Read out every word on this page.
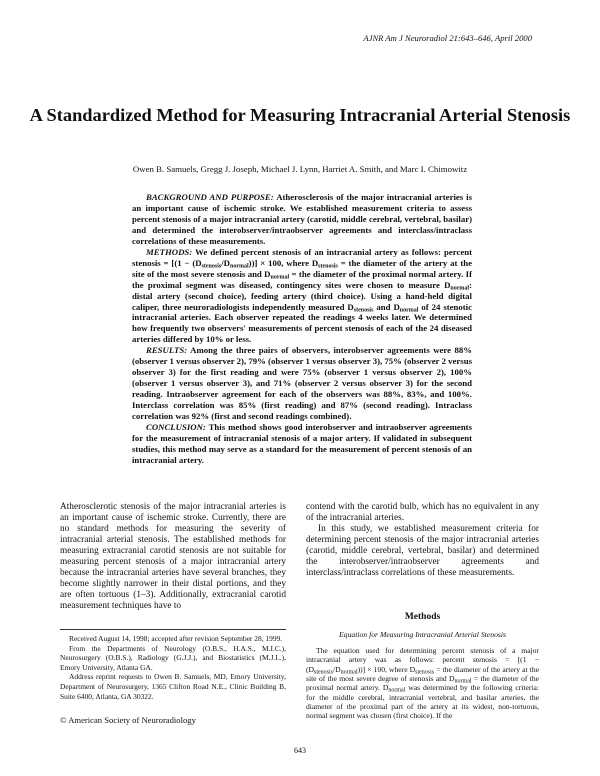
AJNR Am J Neuroradiol 21:643–646, April 2000
A Standardized Method for Measuring Intracranial Arterial Stenosis
Owen B. Samuels, Gregg J. Joseph, Michael J. Lynn, Harriet A. Smith, and Marc I. Chimowitz

BACKGROUND AND PURPOSE: Atherosclerosis of the major intracranial arteries is an important cause of ischemic stroke. We established measurement criteria to assess percent stenosis of a major intracranial artery (carotid, middle cerebral, vertebral, basilar) and determined the interobserver/intraobserver agreements and interclass/intraclass correlations of these measurements.

METHODS: We defined percent stenosis of an intracranial artery as follows: percent stenosis = $[(1 - (D_{stenosis}/D_{normal}))] \times 100$, where $D_{stenosis}$ = the diameter of the artery at the site of the most severe stenosis and $D_{normal}$ = the diameter of the proximal normal artery. If the proximal segment was diseased, contingency sites were chosen to measure $D_{normal}$: distal artery (second choice), feeding artery (third choice). Using a hand-held digital caliper, three neuroradiologists independently measured $D_{stenosis}$ and $D_{normal}$ of 24 stenotic intracranial arteries. Each observer repeated the readings 4 weeks later. We determined how frequently two observers' measurements of percent stenosis of each of the 24 diseased arteries differed by 10% or less.

RESULTS: Among the three pairs of observers, interobserver agreements were 88% (observer 1 versus observer 2), 79% (observer 1 versus observer 3), 75% (observer 2 versus observer 3) for the first reading and were 75% (observer 1 versus observer 2), 100% (observer 1 versus observer 3), and 71% (observer 2 versus observer 3) for the second reading. Intraobserver agreement for each of the observers was 88%, 83%, and 100%. Interclass correlation was 85% (first reading) and 87% (second reading). Intraclass correlation was 92% (first and second readings combined).

CONCLUSION: This method shows good interobserver and intraobserver agreements for the measurement of intracranial stenosis of a major artery. If validated in subsequent studies, this method may serve as a standard for the measurement of percent stenosis of an intracranial artery.

Atherosclerotic stenosis of the major intracranial arteries is an important cause of ischemic stroke. Currently, there are no standard methods for measuring the severity of intracranial arterial stenosis. The established methods for measuring extracranial carotid stenosis are not suitable for measuring percent stenosis of a major intracranial artery because the intracranial arteries have several branches, they become slightly narrower in their distal portions, and they are often tortuous (1–3). Additionally, extracranial carotid measurement techniques have to

Received August 14, 1998; accepted after revision September 28, 1999.

From the Departments of Neurology (O.B.S., H.A.S., M.I.C.), Neurosurgery (O.B.S.), Radiology (G.J.J.), and Biostatistics (M.J.L.), Emory University, Atlanta GA.

Address reprint requests to Owen B. Samuels, MD, Emory University, Department of Neurosurgery, 1365 Clifton Road N.E., Clinic Building B, Suite 6400, Atlanta, GA 30322.

© American Society of Neuroradiology

contend with the carotid bulb, which has no equivalent in any of the intracranial arteries.

In this study, we established measurement criteria for determining percent stenosis of the major intracranial arteries (carotid, middle cerebral, vertebral, basilar) and determined the interobserver/intraobserver agreements and interclass/intraclass correlations of these measurements.

Methods
Equation for Measuring Intracranial Arterial Stenosis

The equation used for determining percent stenosis of a major intracranial artery was as follows: percent stenosis = $[(1 - (D_{stenosis}/D_{normal}))] \times 100$, where $D_{stenosis}$ = the diameter of the artery at the site of the most severe degree of stenosis and $D_{normal}$ = the diameter of the proximal normal artery. $D_{normal}$ was determined by the following criteria: for the middle cerebral, intracranial vertebral, and basilar arteries, the diameter of the proximal part of the artery at its widest, non-tortuous, normal segment was chosen (first choice). If the

643
